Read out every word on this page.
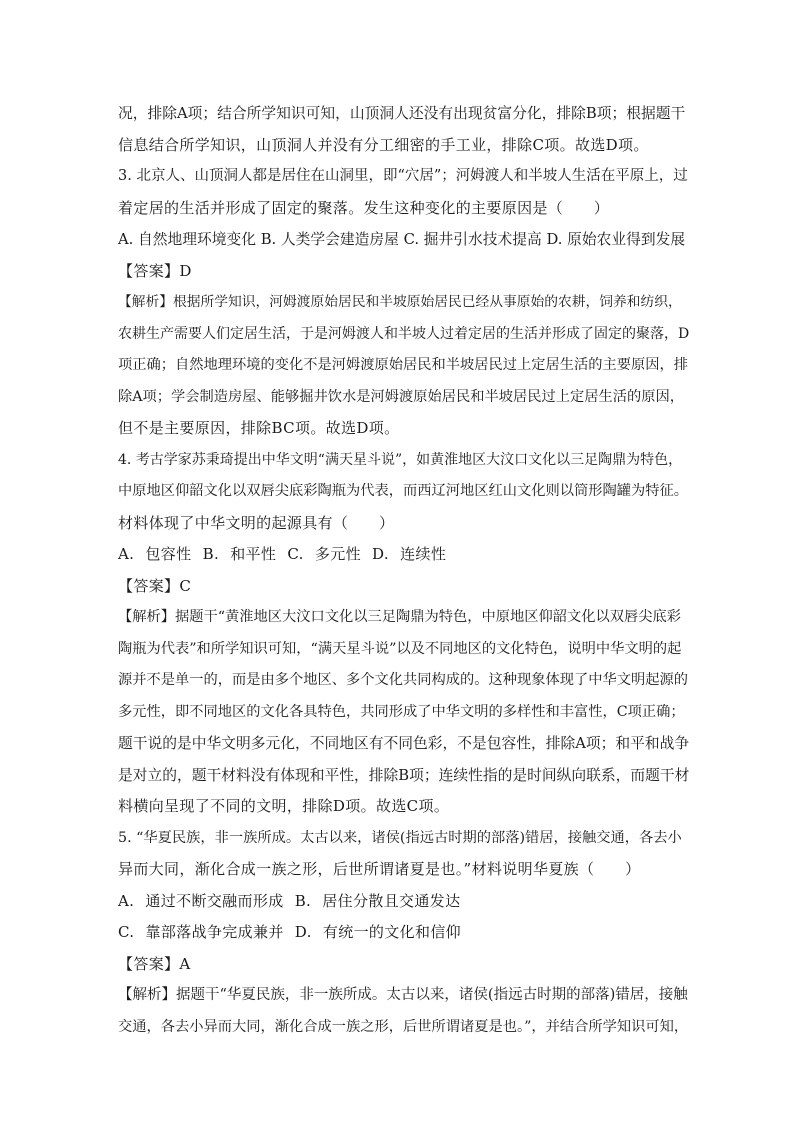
况，排除A项；结合所学知识可知，山顶洞人还没有出现贫富分化，排除B项；根据题干
信息结合所学知识，山顶洞人并没有分工细密的手工业，排除C项。故选D项。
3. 北京人、山顶洞人都是居住在山洞里，即“穴居”；河姆渡人和半坡人生活在平原上，过
着定居的生活并形成了固定的聚落。发生这种变化的主要原因是（　　）
A. 自然地理环境变化 B. 人类学会建造房屋 C. 掘井引水技术提高 D. 原始农业得到发展
【答案】D
【解析】根据所学知识，河姆渡原始居民和半坡原始居民已经从事原始的农耕，饲养和纺织，
农耕生产需要人们定居生活，于是河姆渡人和半坡人过着定居的生活并形成了固定的聚落，D
项正确；自然地理环境的变化不是河姆渡原始居民和半坡居民过上定居生活的主要原因，排
除A项；学会制造房屋、能够掘井饮水是河姆渡原始居民和半坡居民过上定居生活的原因，
但不是主要原因，排除BC项。故选D项。
4. 考古学家苏秉琦提出中华文明“满天星斗说”，如黄淮地区大汶口文化以三足陶鼎为特色，
中原地区仰韶文化以双唇尖底彩陶瓶为代表，而西辽河地区红山文化则以筒形陶罐为特征。
材料体现了中华文明的起源具有（　　）
A. 包容性 B. 和平性 C. 多元性 D. 连续性
【答案】C
【解析】据题干“黄淮地区大汶口文化以三足陶鼎为特色，中原地区仰韶文化以双唇尖底彩
陶瓶为代表”和所学知识可知，“满天星斗说”以及不同地区的文化特色，说明中华文明的起
源并不是单一的，而是由多个地区、多个文化共同构成的。这种现象体现了中华文明起源的
多元性，即不同地区的文化各具特色，共同形成了中华文明的多样性和丰富性，C项正确；
题干说的是中华文明多元化，不同地区有不同色彩，不是包容性，排除A项；和平和战争
是对立的，题干材料没有体现和平性，排除B项；连续性指的是时间纵向联系，而题干材
料横向呈现了不同的文明，排除D项。故选C项。
5. “华夏民族，非一族所成。太古以来，诸侯(指远古时期的部落)错居，接触交通，各去小
异而大同，渐化合成一族之形，后世所谓诸夏是也。”材料说明华夏族（　　）
A. 通过不断交融而形成 B. 居住分散且交通发达
C. 靠部落战争完成兼并 D. 有统一的文化和信仰
【答案】A
【解析】据题干“华夏民族，非一族所成。太古以来，诸侯(指远古时期的部落)错居，接触
交通，各去小异而大同，渐化合成一族之形，后世所谓诸夏是也。”，并结合所学知识可知，
